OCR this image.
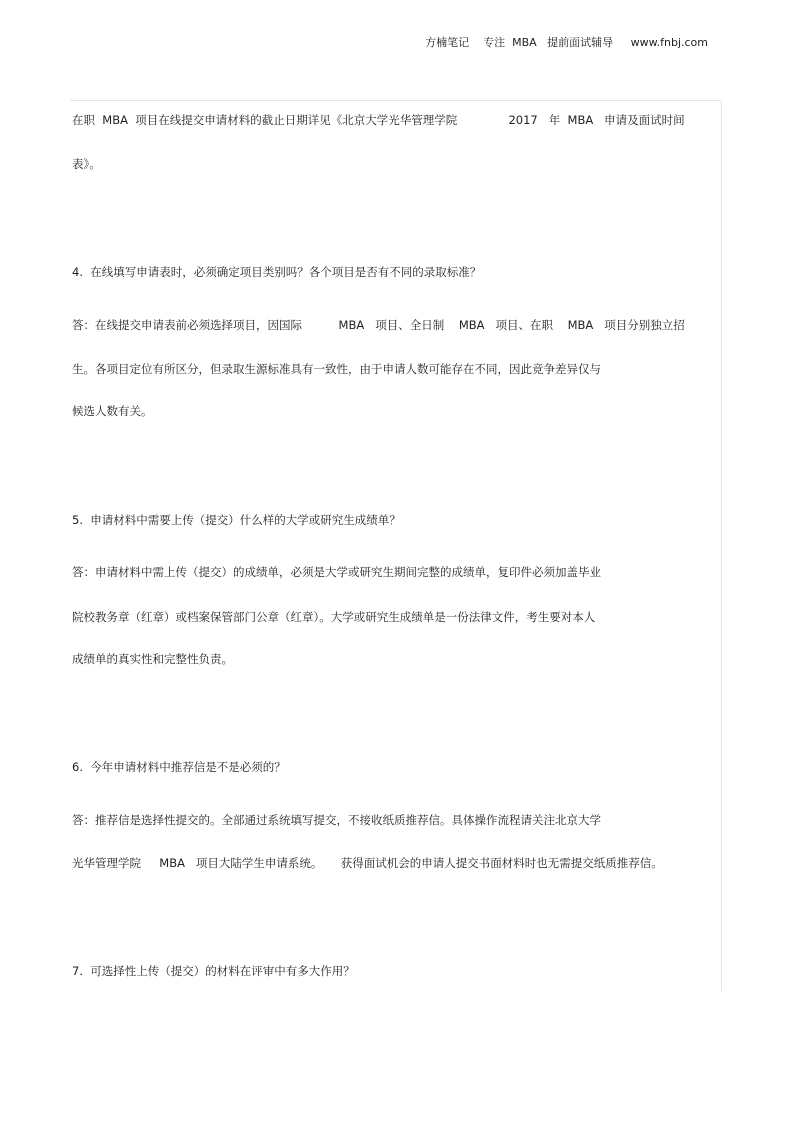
方楠笔记    专注  MBA   提前面试辅导     www.fnbj.com
在职  MBA  项目在线提交申请材料的截止日期详见《北京大学光华管理学院              2017   年  MBA   申请及面试时间
表》。
4.  在线填写申请表时，必须确定项目类别吗？各个项目是否有不同的录取标准？
答：在线提交申请表前必须选择项目，因国际          MBA   项目、全日制    MBA   项目、在职    MBA   项目分别独立招
生。各项目定位有所区分，但录取生源标准具有一致性，由于申请人数可能存在不同，因此竞争差异仅与
候选人数有关。
5.  申请材料中需要上传（提交）什么样的大学或研究生成绩单？
答：申请材料中需上传（提交）的成绩单，必须是大学或研究生期间完整的成绩单，复印件必须加盖毕业
院校教务章（红章）或档案保管部门公章（红章）。大学或研究生成绩单是一份法律文件，考生要对本人
成绩单的真实性和完整性负责。
6.  今年申请材料中推荐信是不是必须的？
答：推荐信是选择性提交的。全部通过系统填写提交，不接收纸质推荐信。具体操作流程请关注北京大学
光华管理学院     MBA   项目大陆学生申请系统。     获得面试机会的申请人提交书面材料时也无需提交纸质推荐信。
7.  可选择性上传（提交）的材料在评审中有多大作用？
